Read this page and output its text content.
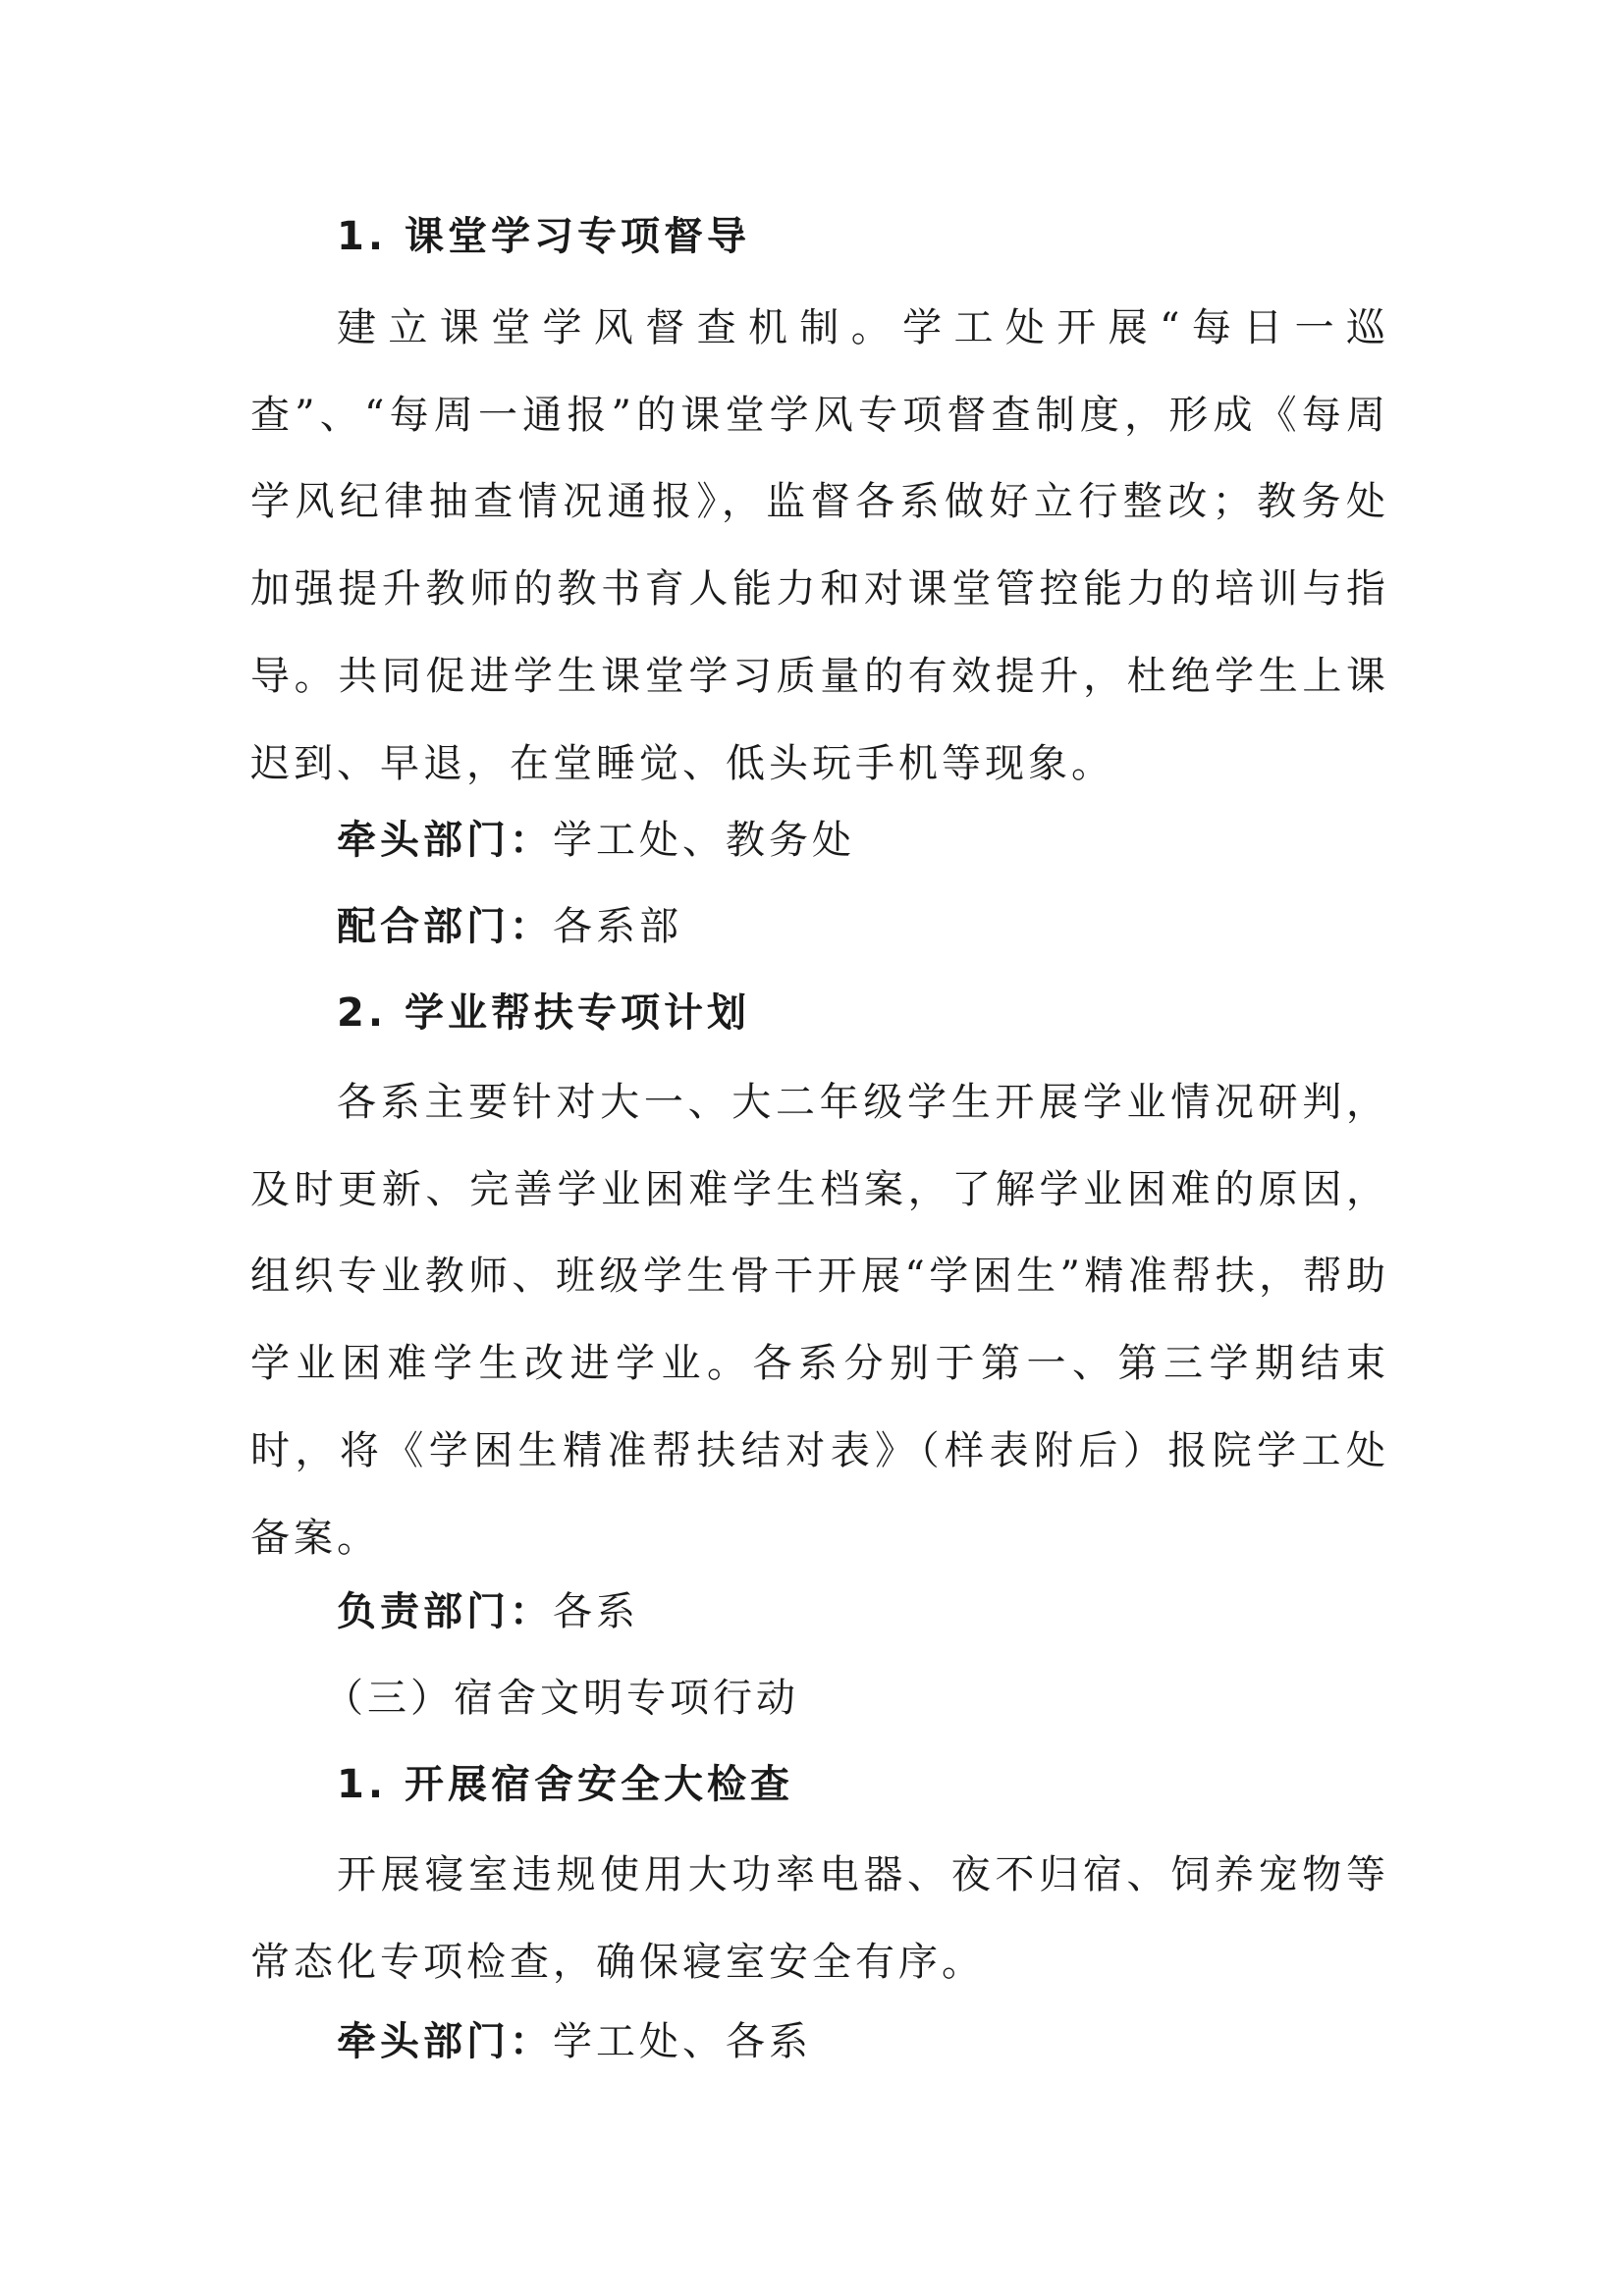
1. 课堂学习专项督导
建立课堂学风督查机制。学工处开展“每日一巡查”、“每周一通报”的课堂学风专项督查制度，形成《每周学风纪律抽查情况通报》，监督各系做好立行整改；教务处加强提升教师的教书育人能力和对课堂管控能力的培训与指导。共同促进学生课堂学习质量的有效提升，杜绝学生上课迟到、早退，在堂睡觉、低头玩手机等现象。
牵头部门：学工处、教务处
配合部门：各系部
2. 学业帮扶专项计划
各系主要针对大一、大二年级学生开展学业情况研判，及时更新、完善学业困难学生档案，了解学业困难的原因，组织专业教师、班级学生骨干开展“学困生”精准帮扶，帮助学业困难学生改进学业。各系分别于第一、第三学期结束时，将《学困生精准帮扶结对表》（样表附后）报院学工处备案。
负责部门：各系
（三）宿舍文明专项行动
1. 开展宿舍安全大检查
开展寝室违规使用大功率电器、夜不归宿、饲养宠物等常态化专项检查，确保寝室安全有序。
牵头部门：学工处、各系
